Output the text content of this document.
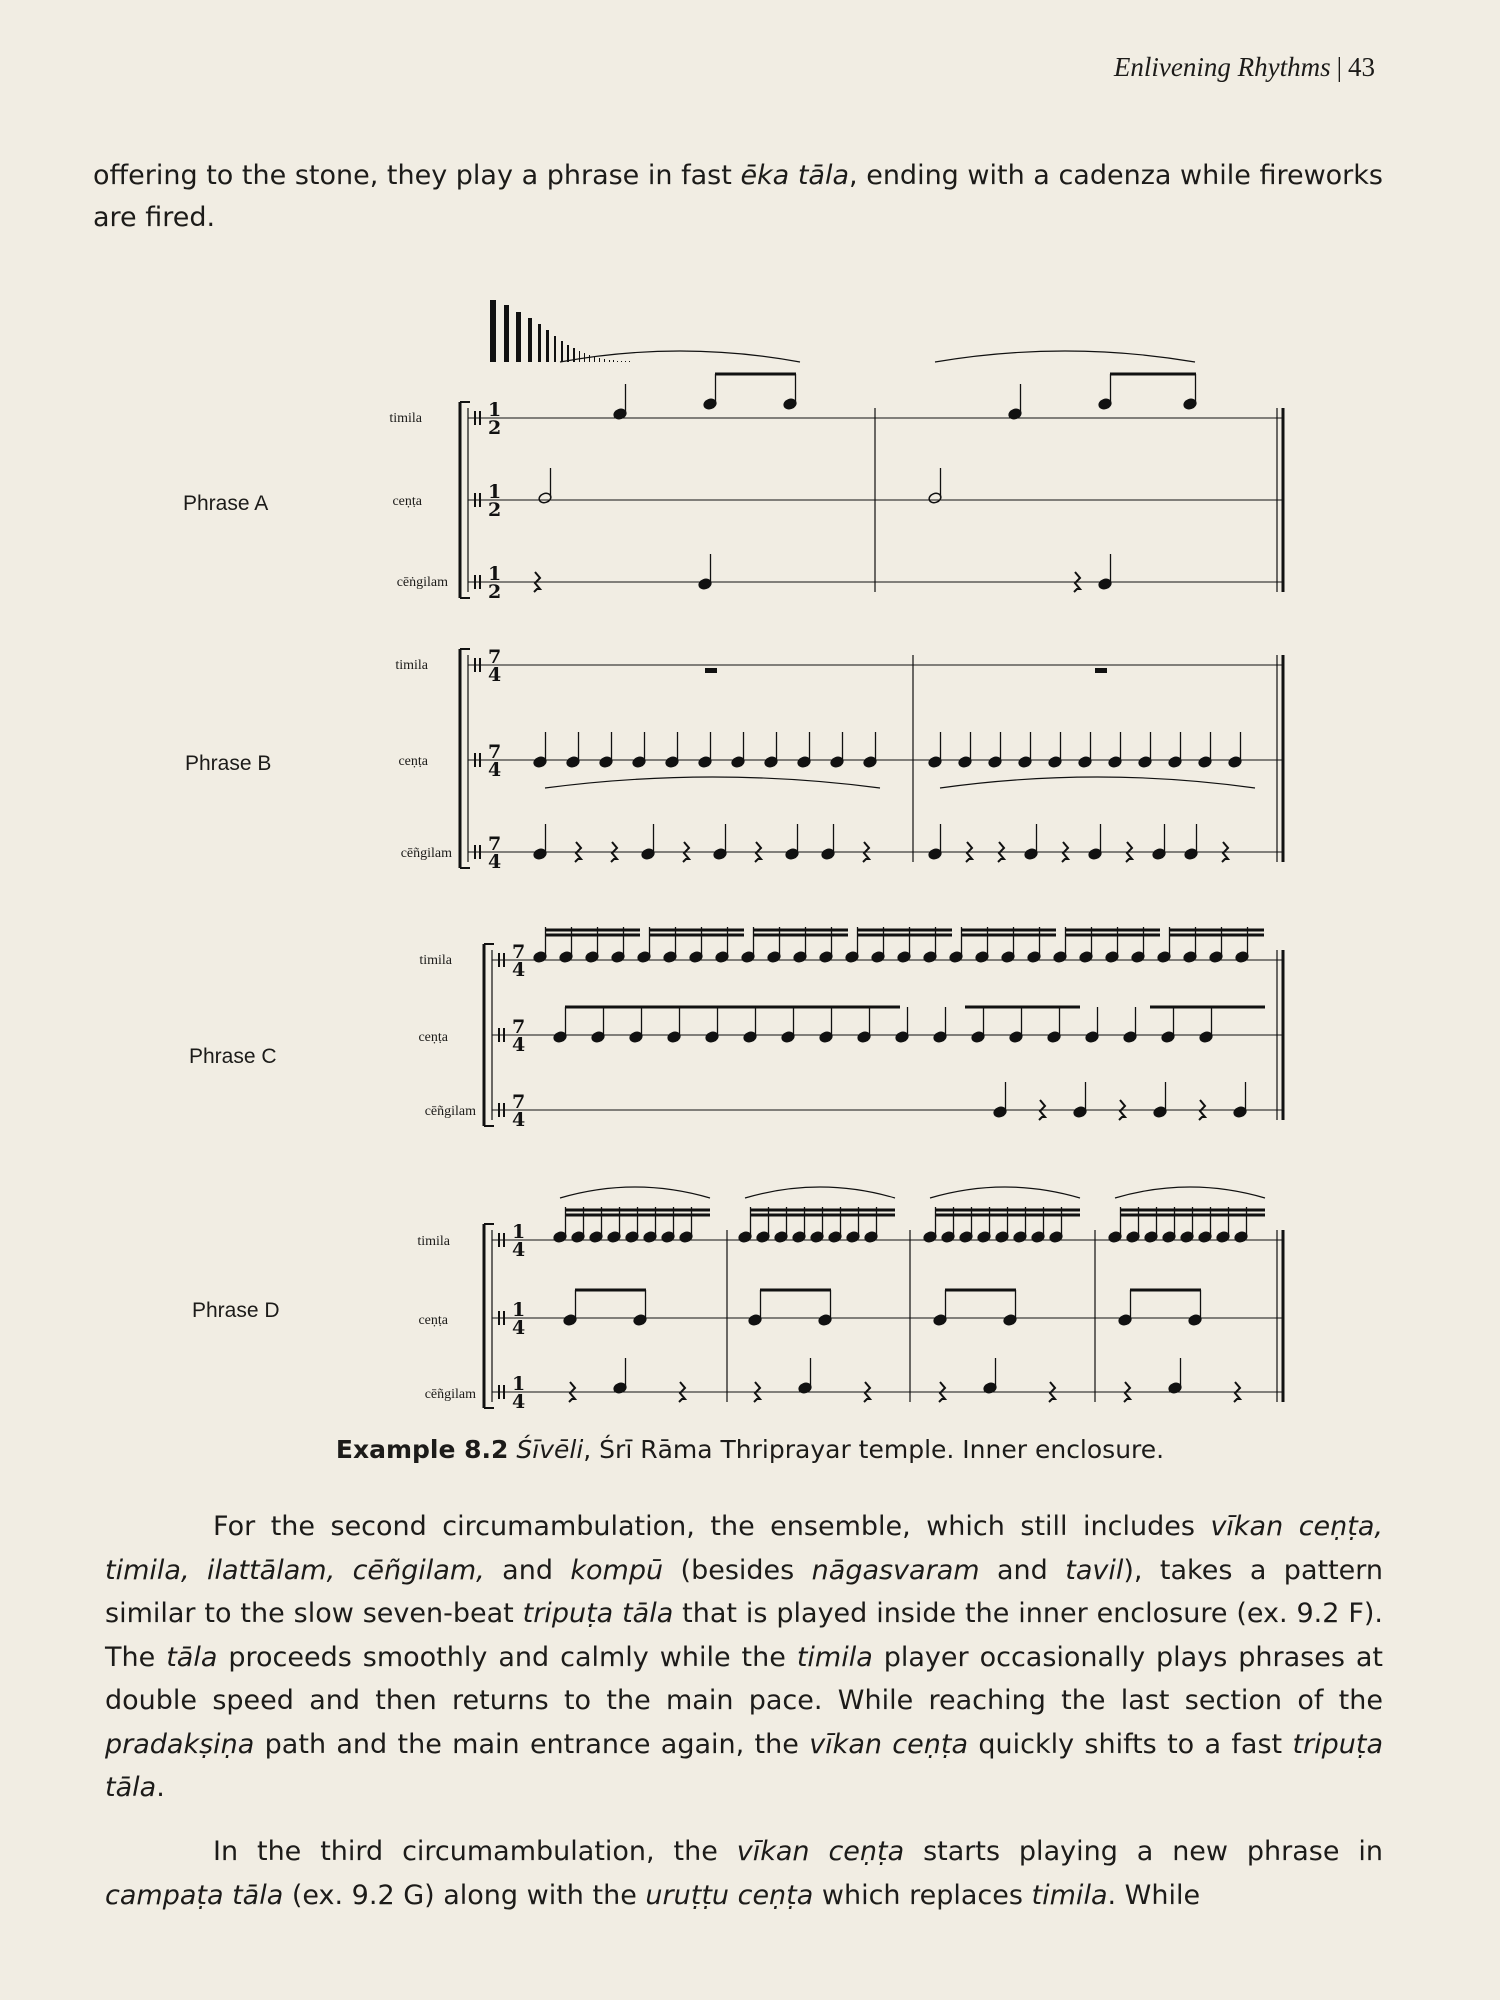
Enlivening Rhythms | 43

offering to the stone, they play a phrase in fast ēka tāla, ending with a cadenza while fireworks are fired.

1
2
1
2
1
2
7
4
7
4
7
4
7
4
7
4
7
4
1
4
1
4
1
4
Phrase A
Phrase B
Phrase C
Phrase D
timila
ceṇṭa
cēṅgilam
timila
ceṇṭa
cēñgilam
timila
ceṇṭa
cēñgilam
timila
ceṇṭa
cēñgilam
Example 8.2 Śīvēli, Śrī Rāma Thriprayar temple. Inner enclosure.

For the second circumambulation, the ensemble, which still includes vīkan ceṇṭa, timila, ilattālam, cēñgilam, and kompū (besides nāgasvaram and tavil), takes a pattern similar to the slow seven-beat tripuṭa tāla that is played inside the inner enclosure (ex. 9.2 F). The tāla proceeds smoothly and calmly while the timila player occasionally plays phrases at double speed and then returns to the main pace. While reaching the last section of the pradakṣiṇa path and the main entrance again, the vīkan ceṇṭa quickly shifts to a fast tripuṭa tāla.

In the third circumambulation, the vīkan ceṇṭa starts playing a new phrase in campaṭa tāla (ex. 9.2 G) along with the uruṭṭu ceṇṭa which replaces timila. While
